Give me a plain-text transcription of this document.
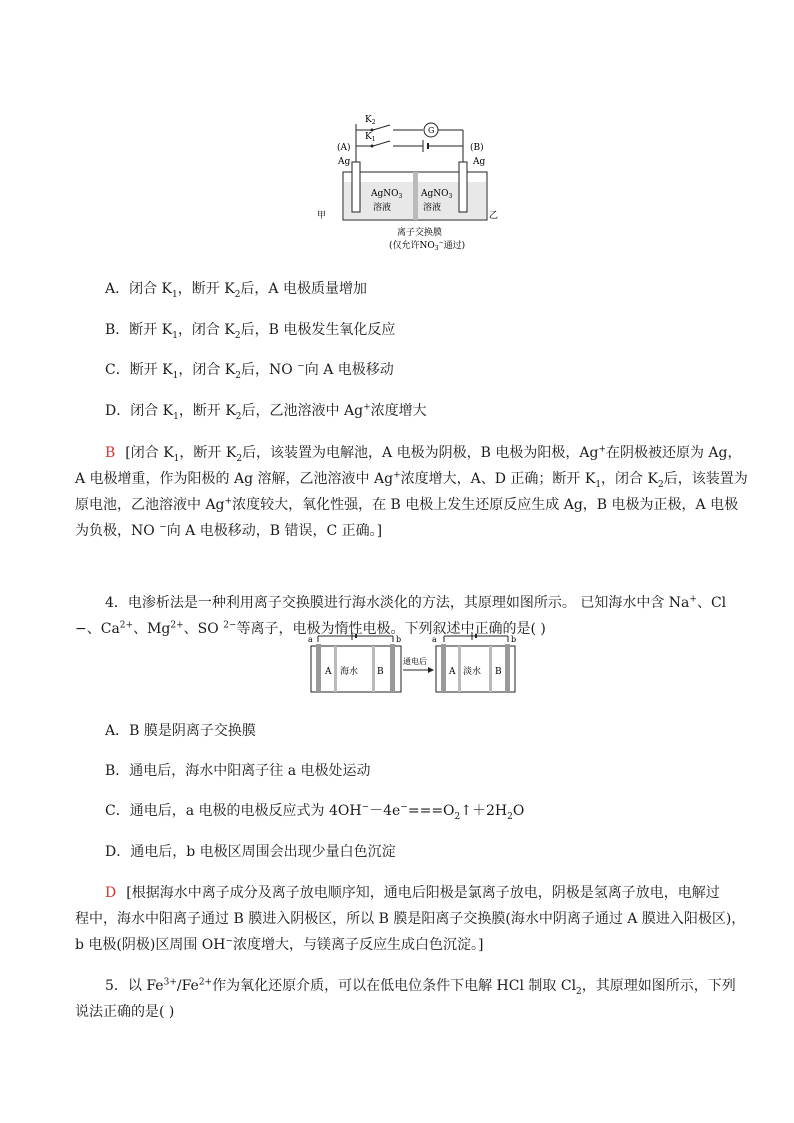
$K_2$
$K_1$
G
(A)
Ag
(B)
Ag
AgNO$_3$
溶液
AgNO$_3$
溶液
甲	乙
离子交换膜
(仅允许$NO_3^-$通过)
A．闭合 $K_1$，断开 $K_2$后，A 电极质量增加
B．断开 $K_1$，闭合 $K_2$后，B 电极发生氧化反应
C．断开 $K_1$，闭合 $K_2$后，NO −向 A 电极移动
D．闭合 $K_1$，断开 $K_2$后，乙池溶液中 Ag+浓度增大
B [闭合 $K_1$，断开 $K_2$后，该装置为电解池，A 电极为阴极，B 电极为阳极，Ag+在阴极被还原为 Ag，
A 电极增重，作为阳极的 Ag 溶解，乙池溶液中 Ag+浓度增大，A、D 正确；断开 $K_1$，闭合 $K_2$后，该装置为
原电池，乙池溶液中 Ag+浓度较大，氧化性强，在 B 电极上发生还原反应生成 Ag，B 电极为正极，A 电极
为负极，NO −向 A 电极移动，B 错误，C 正确。]
4．电渗析法是一种利用离子交换膜进行海水淡化的方法，其原理如图所示。 已知海水中含 Na+、Cl
−、$Ca^{2+}$、$Mg^{2+}$、SO $^{2-}$等离子，电极为惰性电极。下列叙述中正确的是( )
a	b
A 海水 B
通电后
a	b
A 淡水 B
A．B 膜是阴离子交换膜
B．通电后，海水中阳离子往 a 电极处运动
C．通电后，a 电极的电极反应式为 $4OH^--4e^-===O_2↑+2H_2O$
D．通电后，b 电极区周围会出现少量白色沉淀
D [根据海水中离子成分及离子放电顺序知，通电后阳极是氯离子放电，阴极是氢离子放电，电解过
程中，海水中阳离子通过 B 膜进入阴极区，所以 B 膜是阳离子交换膜(海水中阴离子通过 A 膜进入阳极区)，
b 电极(阴极)区周围 OH−浓度增大，与镁离子反应生成白色沉淀。]
5．以 $Fe^{3+}/Fe^{2+}$作为氧化还原介质，可以在低电位条件下电解 HCl 制取 $Cl_2$，其原理如图所示，下列
说法正确的是( )
